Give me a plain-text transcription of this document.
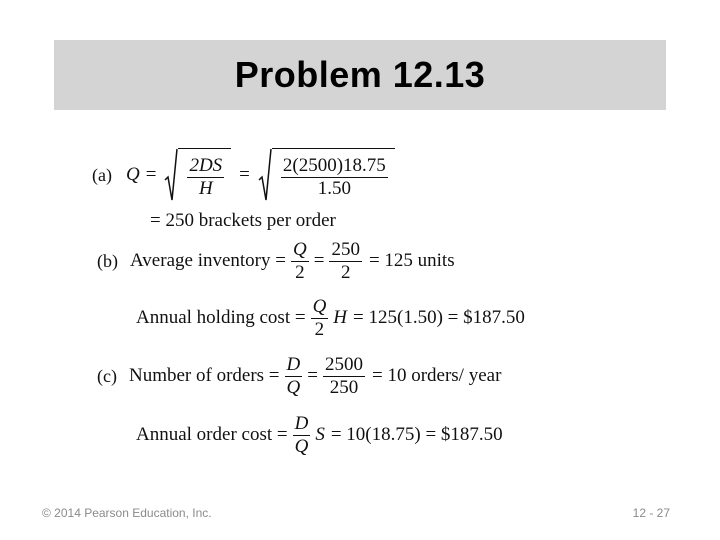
Problem 12.13
(a) $Q = \frac{2DS}{H} = \frac{2(2500)18.75}{1.50}$
= 250 brackets per order
(b) Average inventory = $\frac{Q}{2} = \frac{250}{2} = 125$ units
Annual holding $\cos t = \frac{Q}{2}$ H = 125(1.50) = $187.50
(c) Number of orders = $\frac{D}{Q} = \frac{2500}{250} = 10$ orders/ year
Annual order $\cos t = \frac{D}{Q}$ S = 10(18.75) = $187.50
© 2014 Pearson Education, Inc.	12 - 27
